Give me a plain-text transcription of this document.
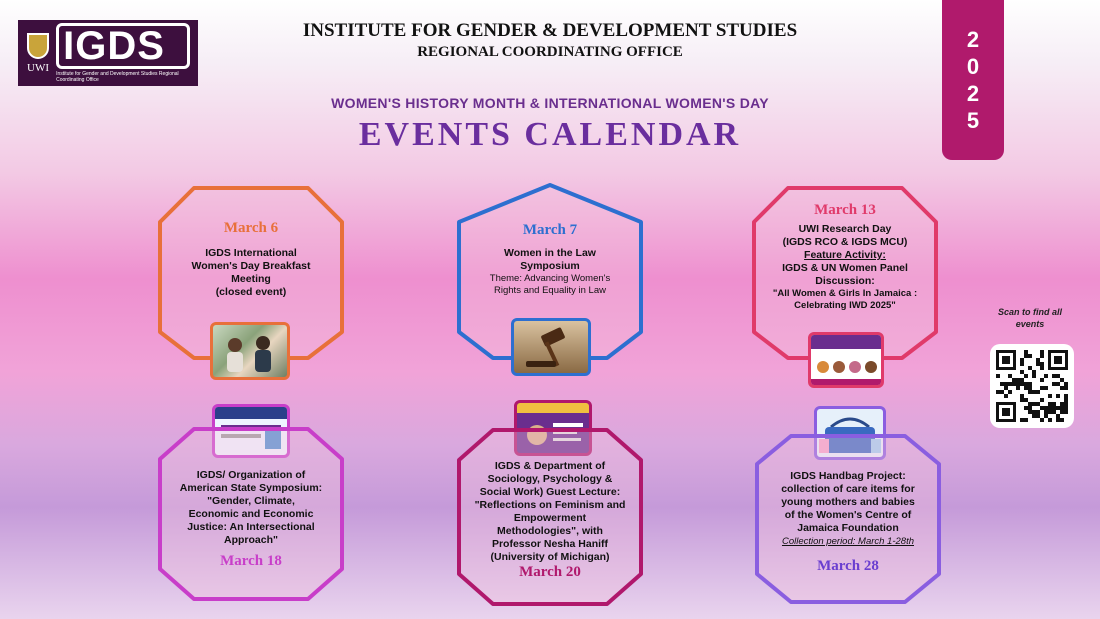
UWI IGDS
Institute for Gender and Development Studies Regional Coordinating Office
INSTITUTE FOR GENDER & DEVELOPMENT STUDIES
REGIONAL COORDINATING OFFICE
WOMEN'S HISTORY MONTH & INTERNATIONAL WOMEN'S DAY
EVENTS CALENDAR
2
0
2
5
March 6
IGDS International
Women's Day Breakfast
Meeting
(closed event)
March 7
Women in the Law
Symposium
Theme: Advancing Women's
Rights and Equality in Law
March 13
UWI Research Day
(IGDS RCO & IGDS MCU)
Feature Activity:
IGDS & UN Women Panel
Discussion:
"All Women & Girls In Jamaica :
Celebrating IWD 2025"
IGDS/ Organization of
American State Symposium:
"Gender, Climate,
Economic and Economic
Justice: An Intersectional
Approach"
March 18
IGDS & Department of
Sociology, Psychology &
Social Work) Guest Lecture:
"Reflections on Feminism and
Empowerment
Methodologies", with
Professor Nesha Haniff
(University of Michigan)
March 20
IGDS Handbag Project:
collection of care items for
young mothers and babies
of the Women's Centre of
Jamaica Foundation
Collection period: March 1-28th
March 28
Scan to find all
events
